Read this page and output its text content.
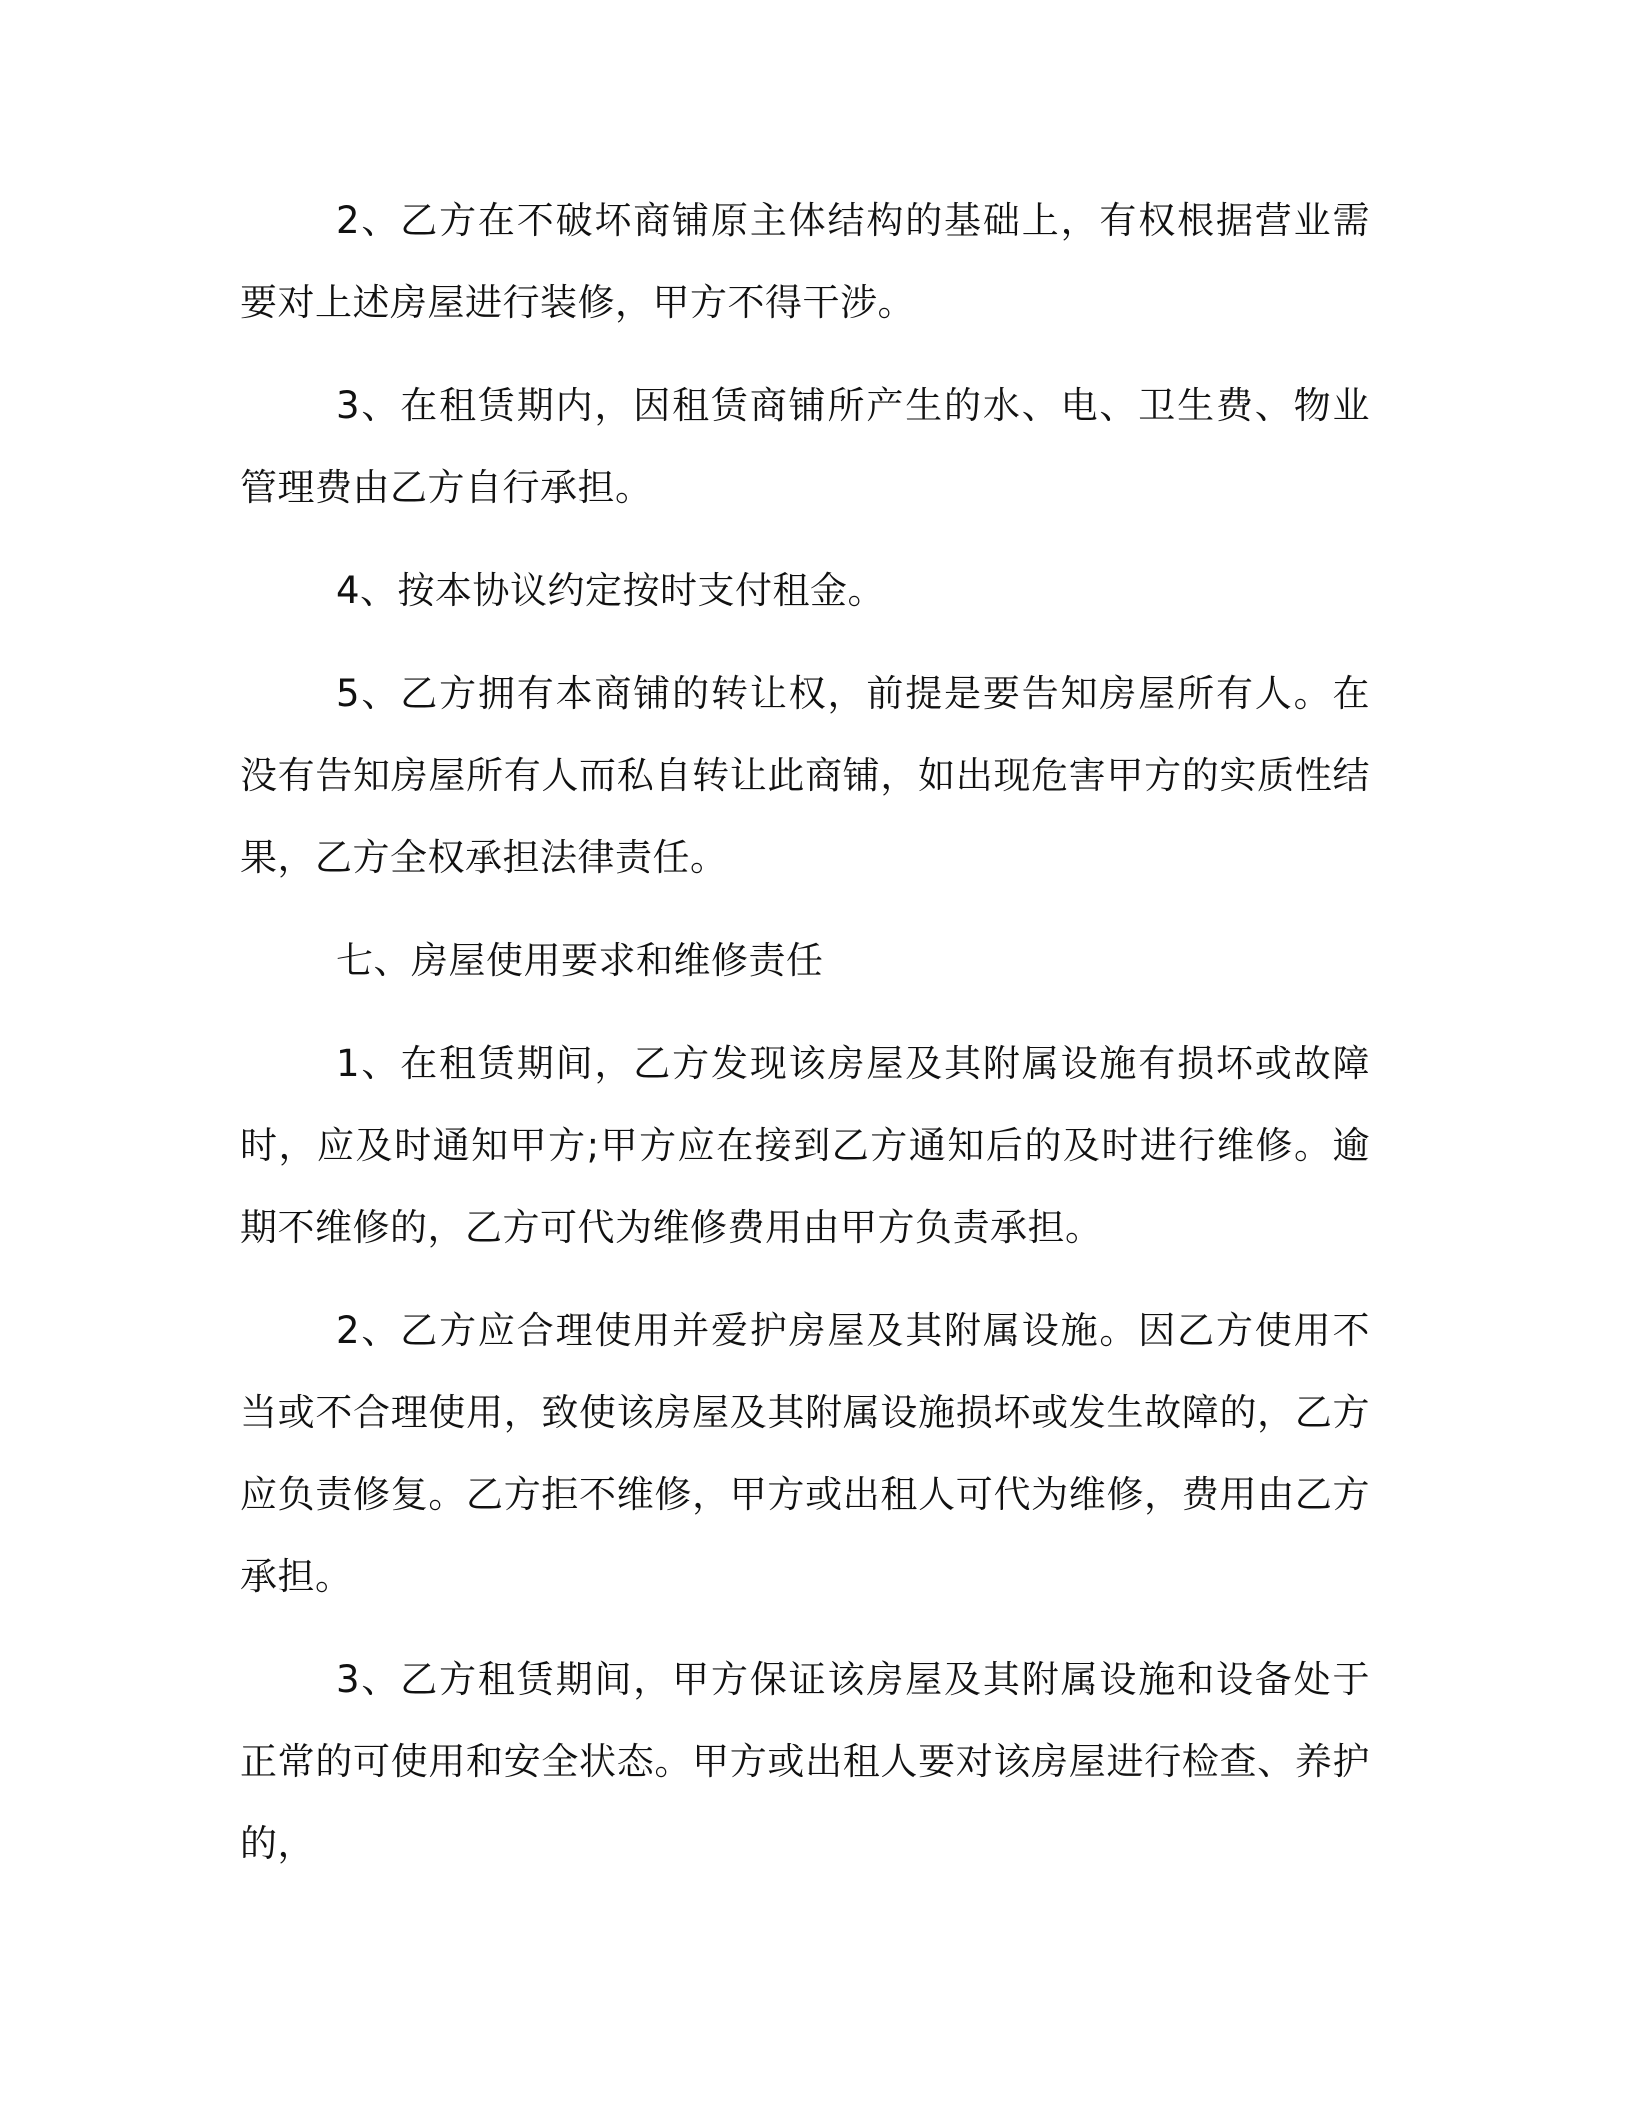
2、乙方在不破坏商铺原主体结构的基础上，有权根据营业需要对上述房屋进行装修，甲方不得干涉。

3、在租赁期内，因租赁商铺所产生的水、电、卫生费、物业管理费由乙方自行承担。

4、按本协议约定按时支付租金。

5、乙方拥有本商铺的转让权，前提是要告知房屋所有人。在没有告知房屋所有人而私自转让此商铺，如出现危害甲方的实质性结果，乙方全权承担法律责任。

七、房屋使用要求和维修责任

1、在租赁期间，乙方发现该房屋及其附属设施有损坏或故障时，应及时通知甲方;甲方应在接到乙方通知后的及时进行维修。逾期不维修的，乙方可代为维修费用由甲方负责承担。

2、乙方应合理使用并爱护房屋及其附属设施。因乙方使用不当或不合理使用，致使该房屋及其附属设施损坏或发生故障的，乙方应负责修复。乙方拒不维修，甲方或出租人可代为维修，费用由乙方承担。

3、乙方租赁期间，甲方保证该房屋及其附属设施和设备处于正常的可使用和安全状态。甲方或出租人要对该房屋进行检查、养护的，
